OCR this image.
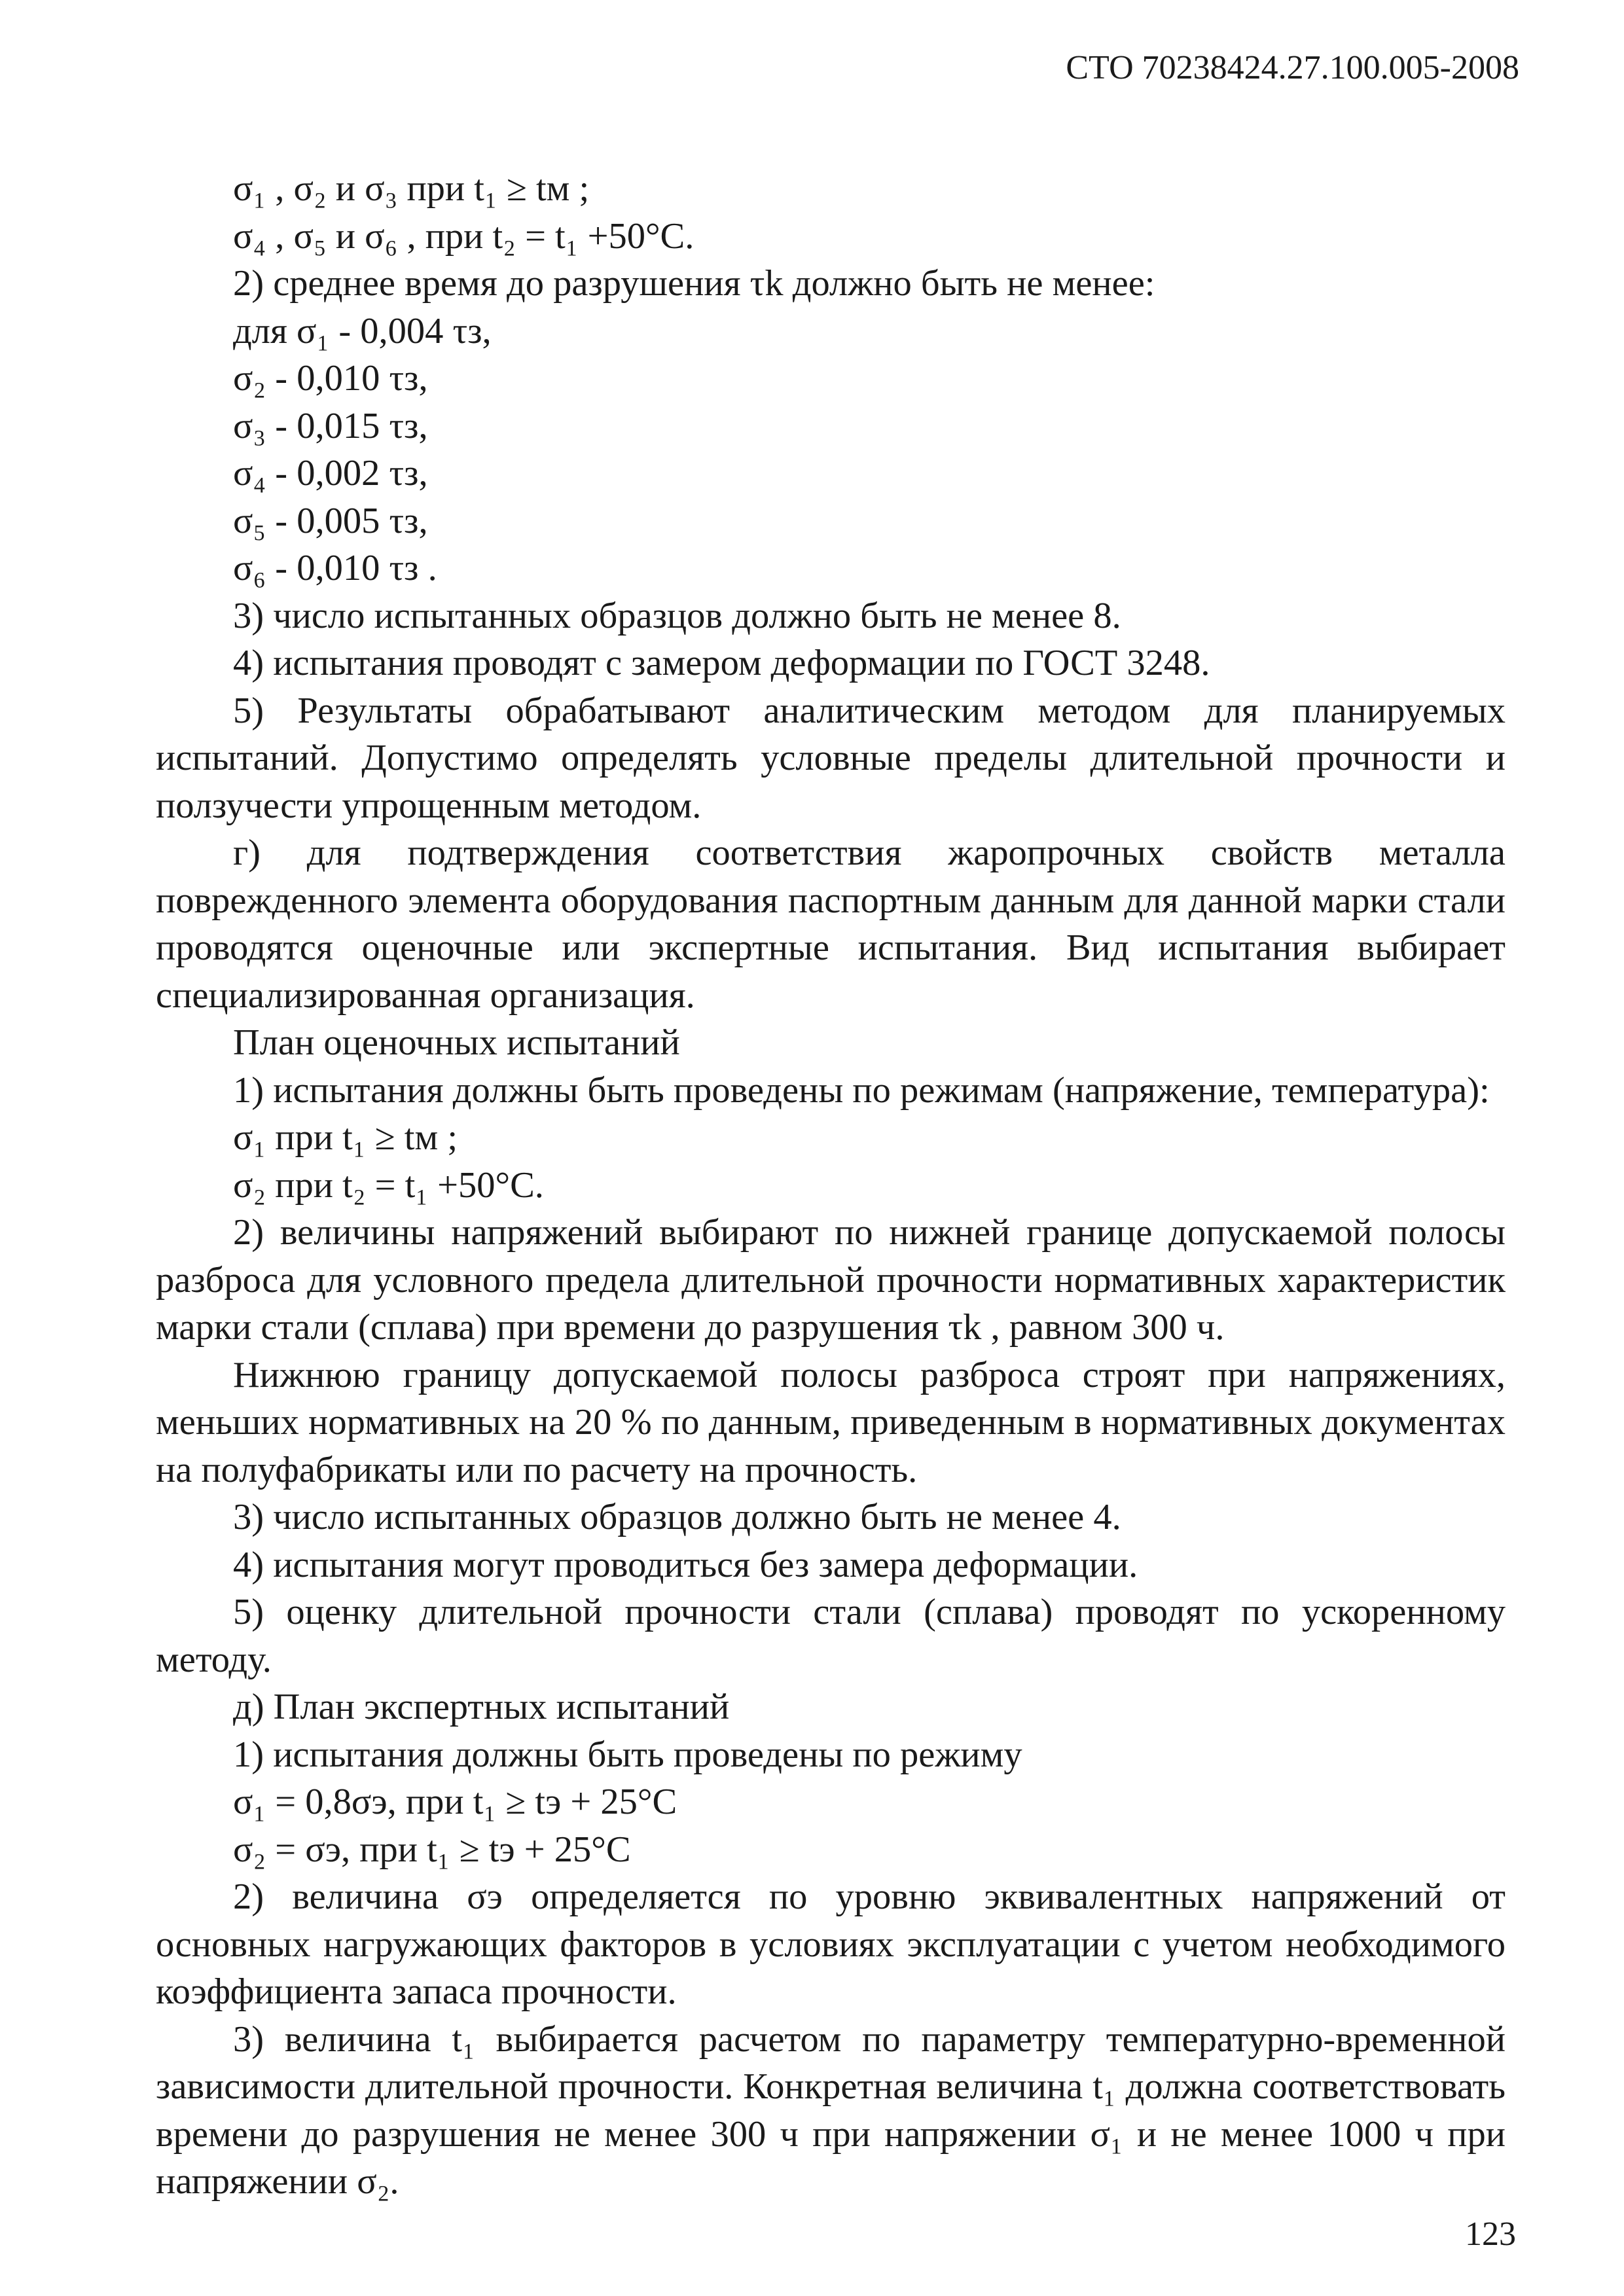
СТО 70238424.27.100.005-2008
σ₁ , σ₂ и σ₃ при t₁ ≥ tм ;
σ₄ , σ₅ и σ₆ , при t₂ = t₁ +50°С.
2) среднее время до разрушения τk должно быть не менее:
для σ₁ - 0,004 τз,
σ₂ - 0,010 τз,
σ₃ - 0,015 τз,
σ₄ - 0,002 τз,
σ₅ - 0,005 τз,
σ₆ - 0,010 τз .
3) число испытанных образцов должно быть не менее 8.
4) испытания проводят с замером деформации по ГОСТ 3248.

5) Результаты обрабатывают аналитическим методом для планируемых испытаний. Допустимо определять условные пределы длительной прочности и ползучести упрощенным методом.

г) для подтверждения соответствия жаропрочных свойств металла поврежденного элемента оборудования паспортным данным для данной марки стали проводятся оценочные или экспертные испытания. Вид испытания выбирает специализированная организация.

План оценочных испытаний

1) испытания должны быть проведены по режимам (напряжение, температура):

σ₁ при t₁ ≥ tм ;
σ₂ при t₂ = t₁ +50°С.

2) величины напряжений выбирают по нижней границе допускаемой полосы разброса для условного предела длительной прочности нормативных характеристик марки стали (сплава) при времени до разрушения τk , равном 300 ч.

Нижнюю границу допускаемой полосы разброса строят при напряжениях, меньших нормативных на 20 % по данным, приведенным в нормативных документах на полуфабрикаты или по расчету на прочность.

3) число испытанных образцов должно быть не менее 4.
4) испытания могут проводиться без замера деформации.

5) оценку длительной прочности стали (сплава) проводят по ускоренному методу.

д) План экспертных испытаний
1) испытания должны быть проведены по режиму
σ₁ = 0,8σэ, при t₁ ≥ tэ + 25°С
σ₂ = σэ, при t₁ ≥ tэ + 25°С

2) величина σэ определяется по уровню эквивалентных напряжений от основных нагружающих факторов в условиях эксплуатации с учетом необходимого коэффициента запаса прочности.

3) величина t₁ выбирается расчетом по параметру температурно-временной зависимости длительной прочности. Конкретная величина t₁ должна соответствовать времени до разрушения не менее 300 ч при напряжении σ₁ и не менее 1000 ч при напряжении σ₂.

123
